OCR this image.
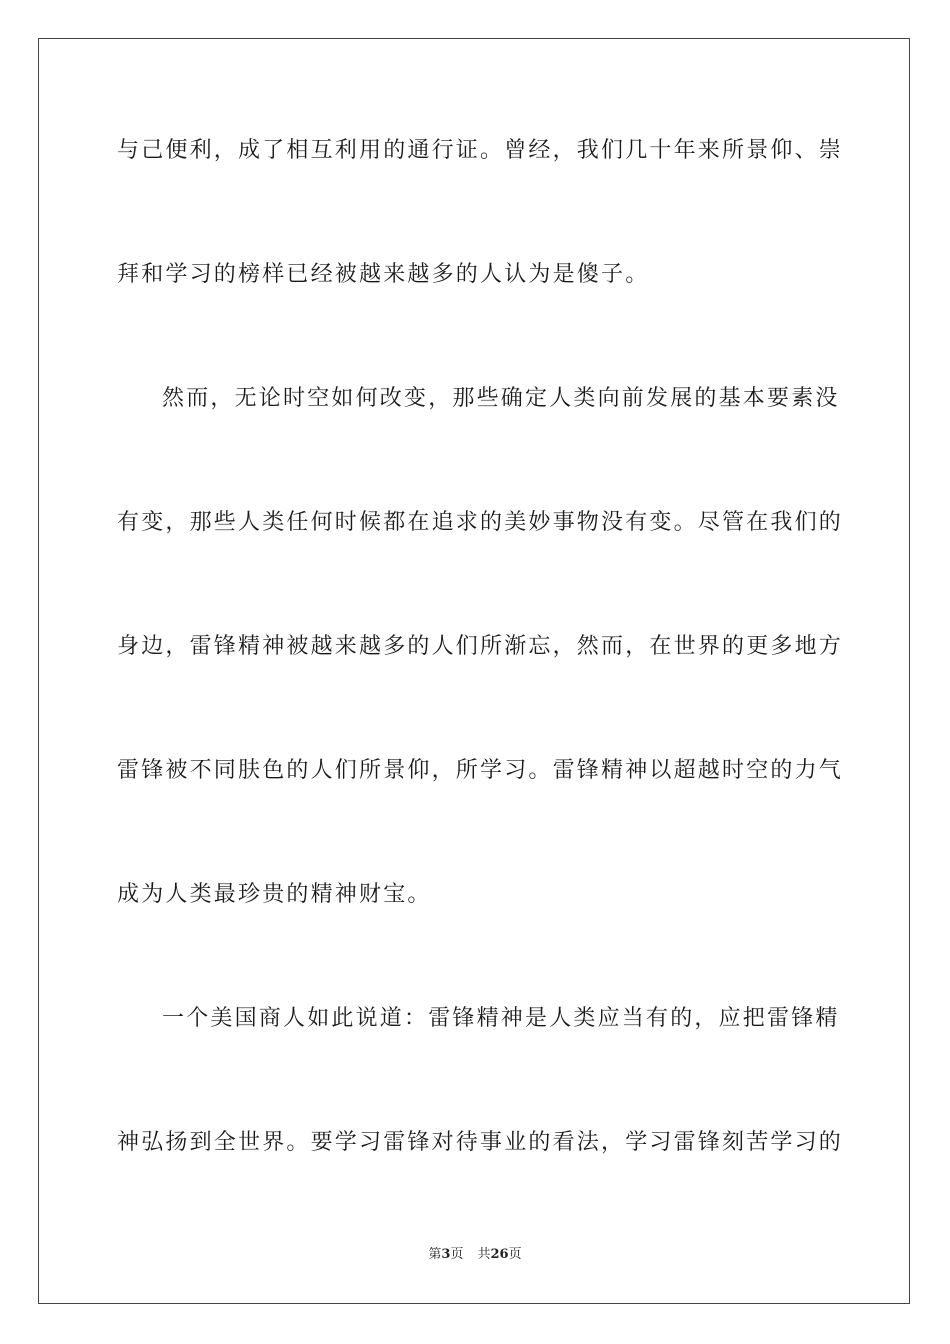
与己便利，成了相互利用的通行证。曾经，我们几十年来所景仰、崇

拜和学习的榜样已经被越来越多的人认为是傻子。

然而，无论时空如何改变，那些确定人类向前发展的基本要素没

有变，那些人类任何时候都在追求的美妙事物没有变。尽管在我们的

身边，雷锋精神被越来越多的人们所渐忘，然而，在世界的更多地方

雷锋被不同肤色的人们所景仰，所学习。雷锋精神以超越时空的力气

成为人类最珍贵的精神财宝。

一个美国商人如此说道：雷锋精神是人类应当有的，应把雷锋精

神弘扬到全世界。要学习雷锋对待事业的看法，学习雷锋刻苦学习的

第3页 共26页
